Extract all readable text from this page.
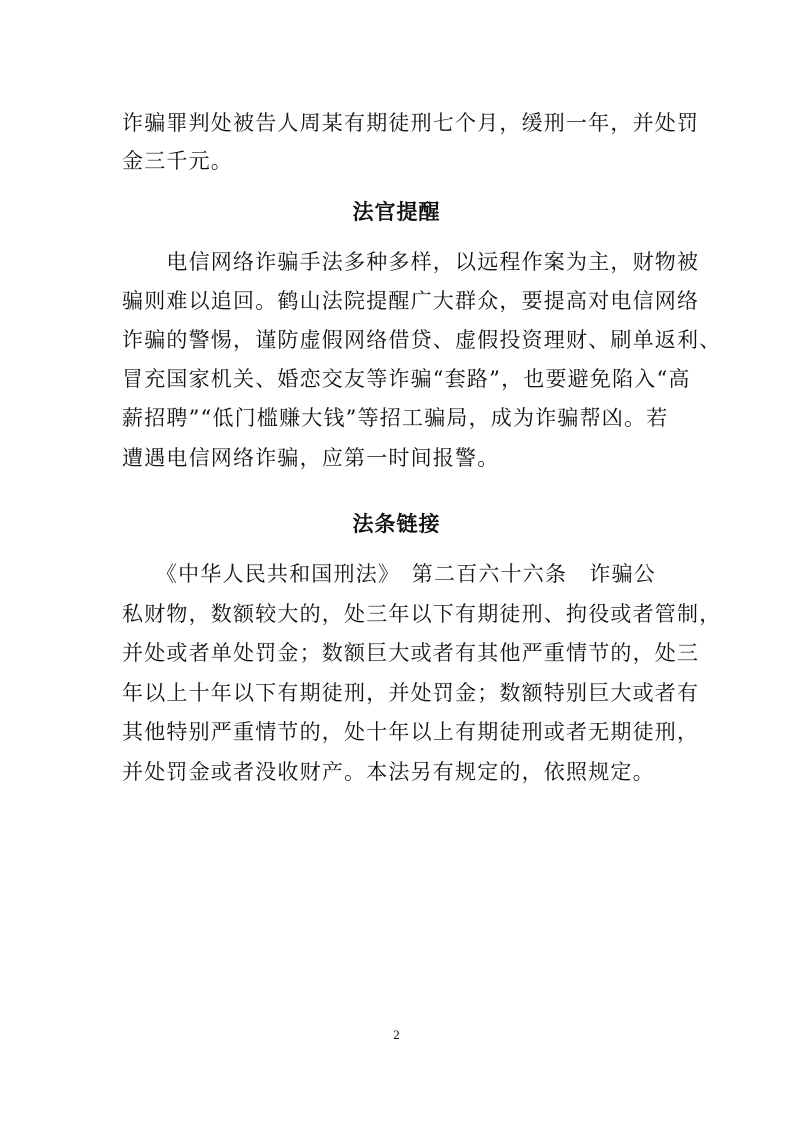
诈骗罪判处被告人周某有期徒刑七个月，缓刑一年，并处罚
金三千元。
法官提醒
　　电信网络诈骗手法多种多样，以远程作案为主，财物被
骗则难以追回。鹤山法院提醒广大群众，要提高对电信网络
诈骗的警惕，谨防虚假网络借贷、虚假投资理财、刷单返利、
冒充国家机关、婚恋交友等诈骗“套路”，也要避免陷入“高
薪招聘”“低门槛赚大钱”等招工骗局，成为诈骗帮凶。若
遭遇电信网络诈骗，应第一时间报警。
法条链接
　　《中华人民共和国刑法》　第二百六十六条　诈骗公
私财物，数额较大的，处三年以下有期徒刑、拘役或者管制，
并处或者单处罚金；数额巨大或者有其他严重情节的，处三
年以上十年以下有期徒刑，并处罚金；数额特别巨大或者有
其他特别严重情节的，处十年以上有期徒刑或者无期徒刑，
并处罚金或者没收财产。本法另有规定的，依照规定。
2
